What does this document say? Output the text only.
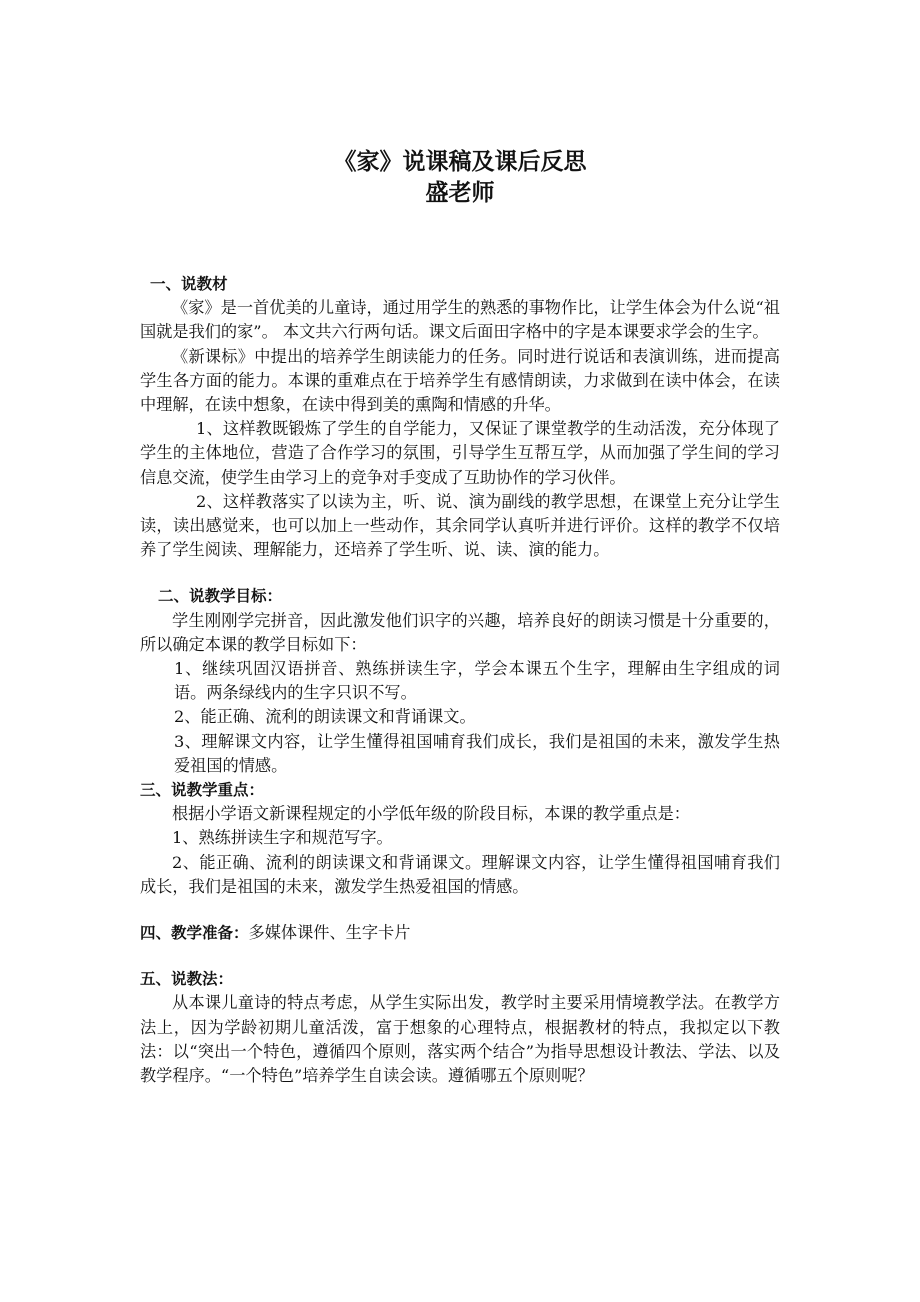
《家》说课稿及课后反思
盛老师

一、说教材

《家》是一首优美的儿童诗，通过用学生的熟悉的事物作比，让学生体会为什么说“祖国就是我们的家”。 本文共六行两句话。课文后面田字格中的字是本课要求学会的生字。

《新课标》中提出的培养学生朗读能力的任务。同时进行说话和表演训练，进而提高学生各方面的能力。本课的重难点在于培养学生有感情朗读，力求做到在读中体会，在读中理解，在读中想象，在读中得到美的熏陶和情感的升华。

1、这样教既锻炼了学生的自学能力，又保证了课堂教学的生动活泼，充分体现了学生的主体地位，营造了合作学习的氛围，引导学生互帮互学，从而加强了学生间的学习信息交流，使学生由学习上的竞争对手变成了互助协作的学习伙伴。

2、这样教落实了以读为主，听、说、演为副线的教学思想，在课堂上充分让学生读，读出感觉来，也可以加上一些动作，其余同学认真听并进行评价。这样的教学不仅培养了学生阅读、理解能力，还培养了学生听、说、读、演的能力。

二、说教学目标：

学生刚刚学完拼音，因此激发他们识字的兴趣，培养良好的朗读习惯是十分重要的，所以确定本课的教学目标如下：

1、继续巩固汉语拼音、熟练拼读生字，学会本课五个生字，理解由生字组成的词语。两条绿线内的生字只识不写。

2、能正确、流利的朗读课文和背诵课文。

3、理解课文内容，让学生懂得祖国哺育我们成长，我们是祖国的未来，激发学生热爱祖国的情感。

三、说教学重点：

根据小学语文新课程规定的小学低年级的阶段目标，本课的教学重点是：

1、熟练拼读生字和规范写字。

2、能正确、流利的朗读课文和背诵课文。理解课文内容，让学生懂得祖国哺育我们成长，我们是祖国的未来，激发学生热爱祖国的情感。

四、教学准备：多媒体课件、生字卡片

五、说教法：

从本课儿童诗的特点考虑，从学生实际出发，教学时主要采用情境教学法。在教学方法上，因为学龄初期儿童活泼，富于想象的心理特点，根据教材的特点，我拟定以下教法：以“突出一个特色，遵循四个原则，落实两个结合”为指导思想设计教法、学法、以及教学程序。“一个特色”培养学生自读会读。遵循哪五个原则呢？
